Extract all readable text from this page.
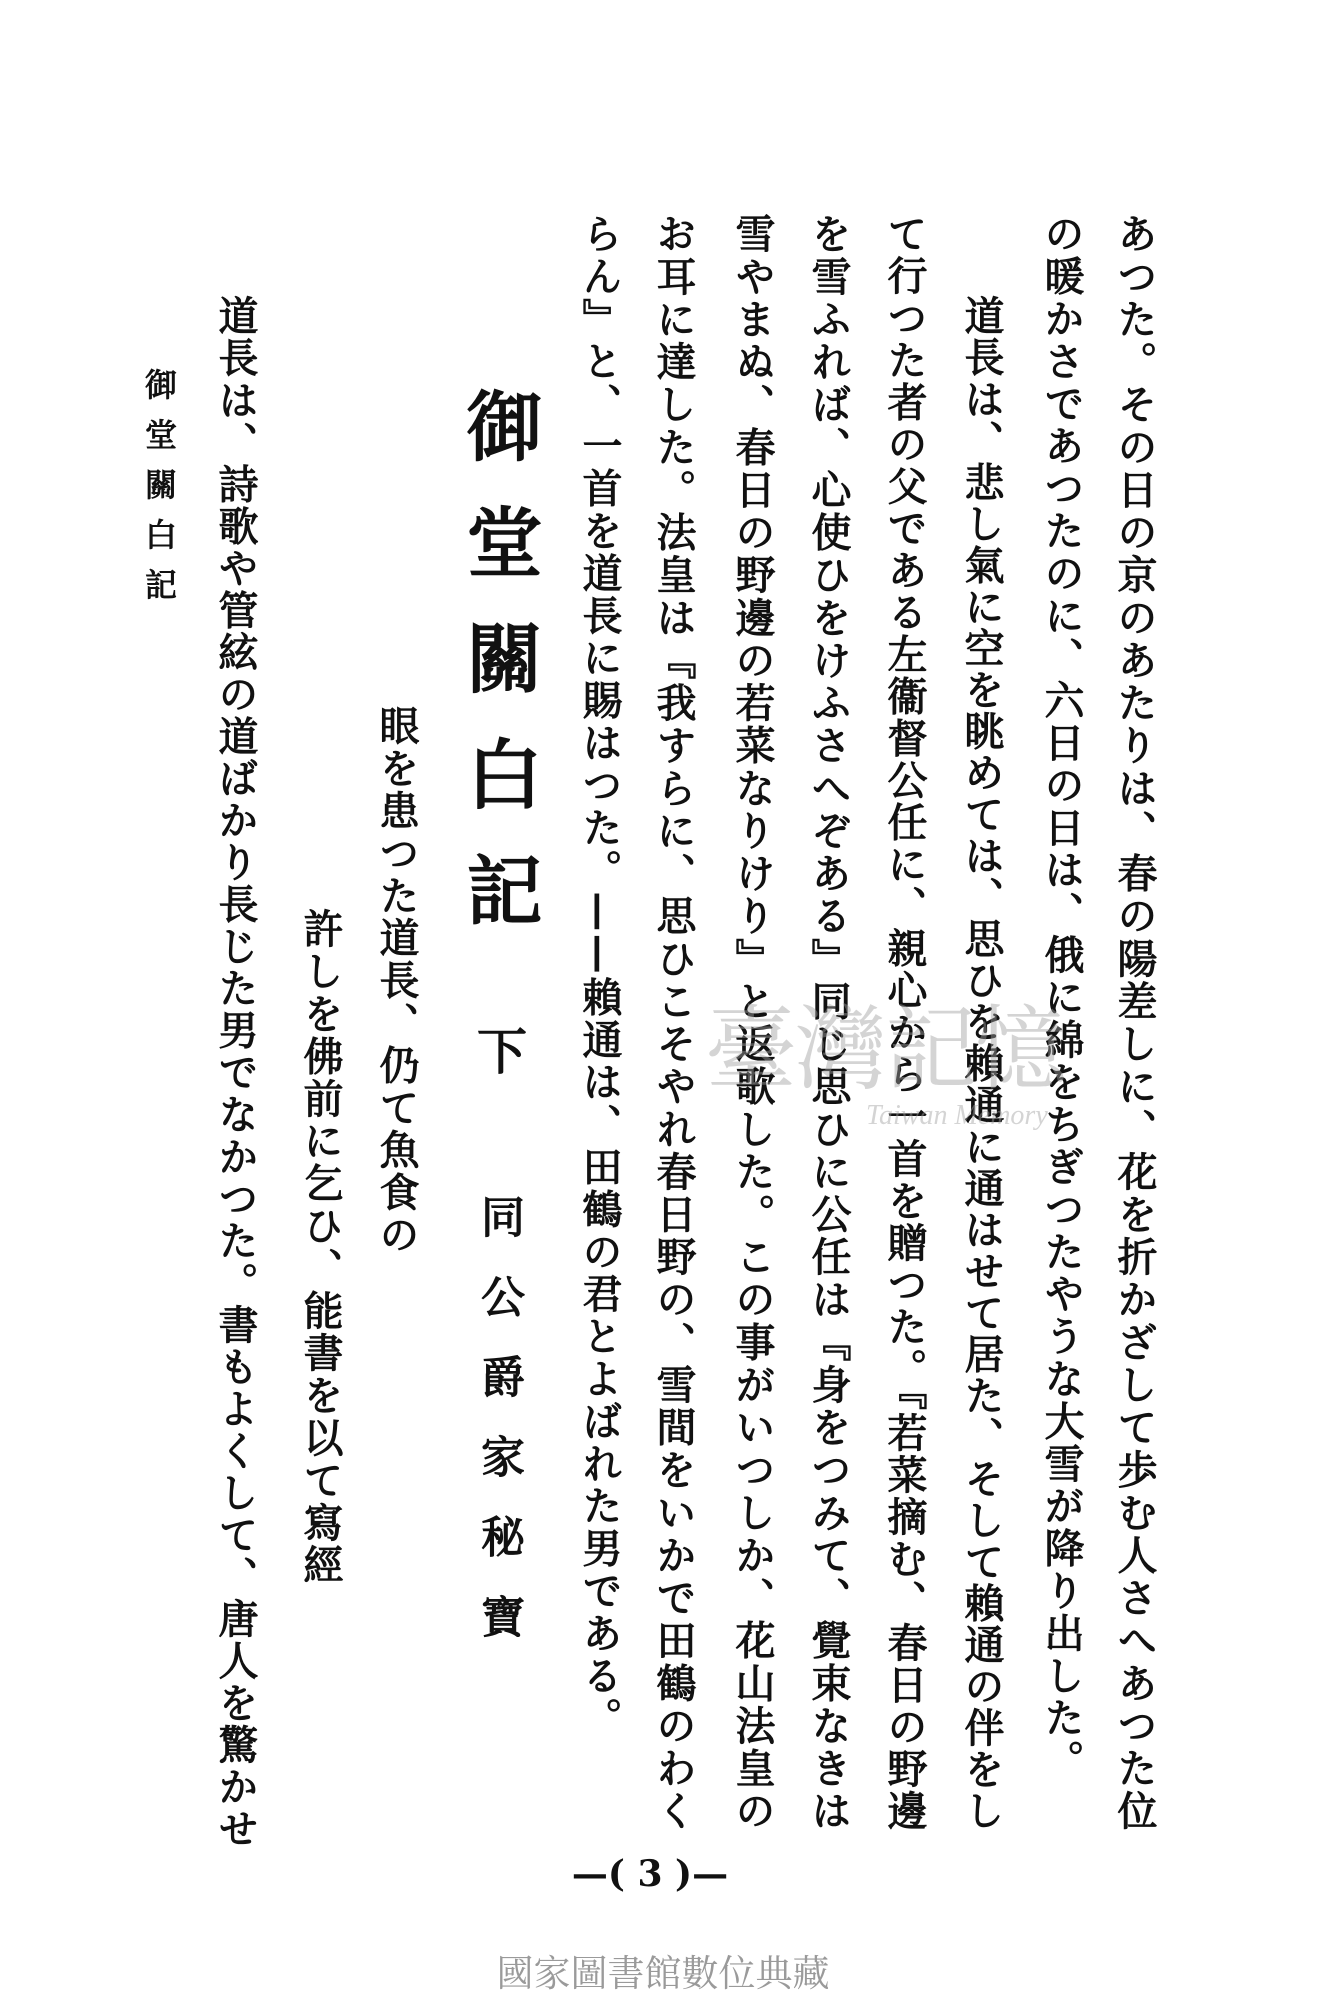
あつた。その日の京のあたりは、春の陽差しに、花を折かざして歩む人さへあつた位
の暖かさであつたのに、六日の日は、俄に綿をちぎつたやうな大雪が降り出した。
道長は、悲し氣に空を眺めては、思ひを賴通に通はせて居た、そして賴通の伴をし
て行つた者の父である左衞督公任に、親心から一首を贈つた。『若菜摘む、春日の野邊
を雪ふれば、心使ひをけふさへぞある』同じ思ひに公任は『身をつみて、覺束なきは
雪やまぬ、春日の野邊の若菜なりけり』と返歌した。この事がいつしか、花山法皇の
お耳に達した。法皇は『我すらに、思ひこそやれ春日野の、雪間をいかで田鶴のわく
らん』と、一首を道長に賜はつた。——賴通は、田鶴の君とよばれた男である。
御堂關白記
下
同公爵家秘寶
眼を患つた道長、仍て魚食の
許しを佛前に乞ひ、能書を以て寫經
道長は、詩歌や管絃の道ばかり長じた男でなかつた。書もよくして、唐人を驚かせ
御堂關白記
—( 3 )—
臺灣記憶
Taiwan Memory
國家圖書館數位典藏
